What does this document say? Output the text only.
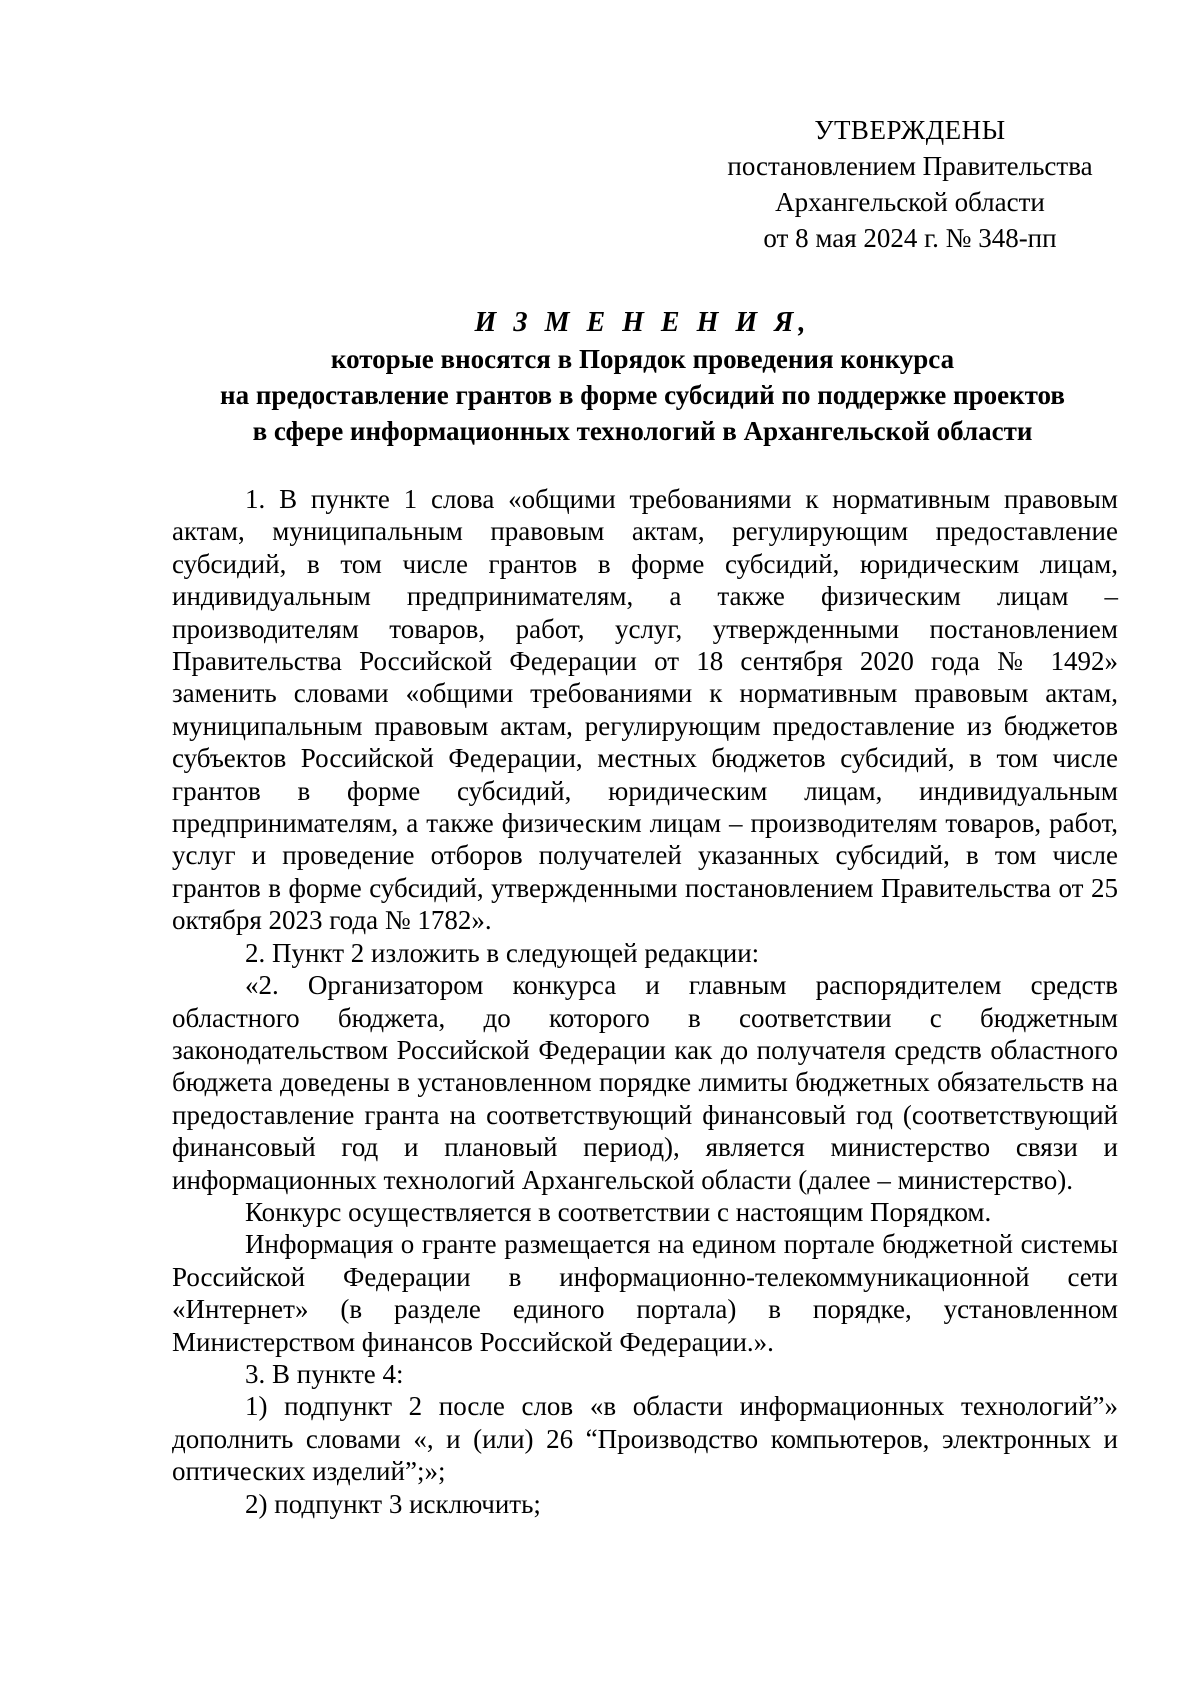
УТВЕРЖДЕНЫ
постановлением Правительства
Архангельской области
от 8 мая 2024 г. № 348-пп
И З М Е Н Е Н И Я,
которые вносятся в Порядок проведения конкурса
на предоставление грантов в форме субсидий по поддержке проектов
в сфере информационных технологий в Архангельской области

1. В пункте 1 слова «общими требованиями к нормативным правовым актам, муниципальным правовым актам, регулирующим предоставление субсидий, в том числе грантов в форме субсидий, юридическим лицам, индивидуальным предпринимателям, а также физическим лицам – производителям товаров, работ, услуг, утвержденными постановлением Правительства Российской Федерации от 18 сентября 2020 года № 1492» заменить словами «общими требованиями к нормативным правовым актам, муниципальным правовым актам, регулирующим предоставление из бюджетов субъектов Российской Федерации, местных бюджетов субсидий, в том числе грантов в форме субсидий, юридическим лицам, индивидуальным предпринимателям, а также физическим лицам – производителям товаров, работ, услуг и проведение отборов получателей указанных субсидий, в том числе грантов в форме субсидий, утвержденными постановлением Правительства от 25 октября 2023 года № 1782».

2. Пункт 2 изложить в следующей редакции:

«2. Организатором конкурса и главным распорядителем средств областного бюджета, до которого в соответствии с бюджетным законодательством Российской Федерации как до получателя средств областного бюджета доведены в установленном порядке лимиты бюджетных обязательств на предоставление гранта на соответствующий финансовый год (соответствующий финансовый год и плановый период), является министерство связи и информационных технологий Архангельской области (далее – министерство).

Конкурс осуществляется в соответствии с настоящим Порядком.

Информация о гранте размещается на едином портале бюджетной системы Российской Федерации в информационно-телекоммуникационной сети «Интернет» (в разделе единого портала) в порядке, установленном Министерством финансов Российской Федерации.».

3. В пункте 4:

1) подпункт 2 после слов «в области информационных технологий”» дополнить словами «, и (или) 26 “Производство компьютеров, электронных и оптических изделий”;»;

2) подпункт 3 исключить;
